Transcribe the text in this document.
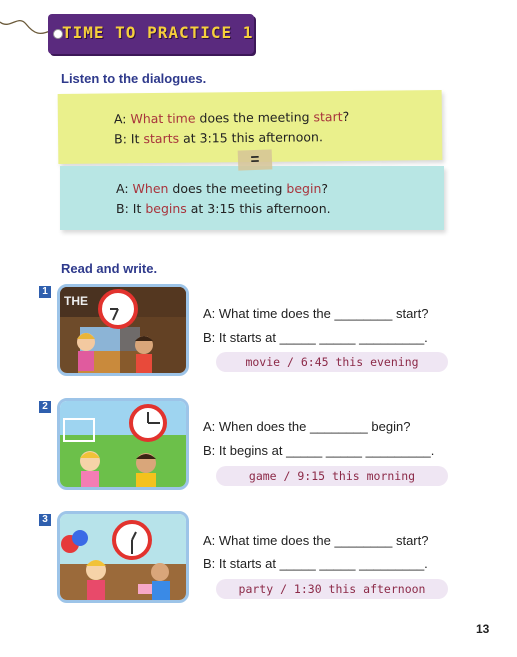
TIME TO PRACTICE 1
Listen to the dialogues.
A: What time does the meeting start?
B: It starts at 3:15 this afternoon.
A: When does the meeting begin?
B: It begins at 3:15 this afternoon.
=
Read and write.
1
THE
A: What time does the ________ start?
B: It starts at _____ _____ _________.
movie / 6:45 this evening
2
A: When does the ________ begin?
B: It begins at _____ _____ _________.
game / 9:15 this morning
3
A: What time does the ________ start?
B: It starts at _____ _____ _________.
party / 1:30 this afternoon
13
